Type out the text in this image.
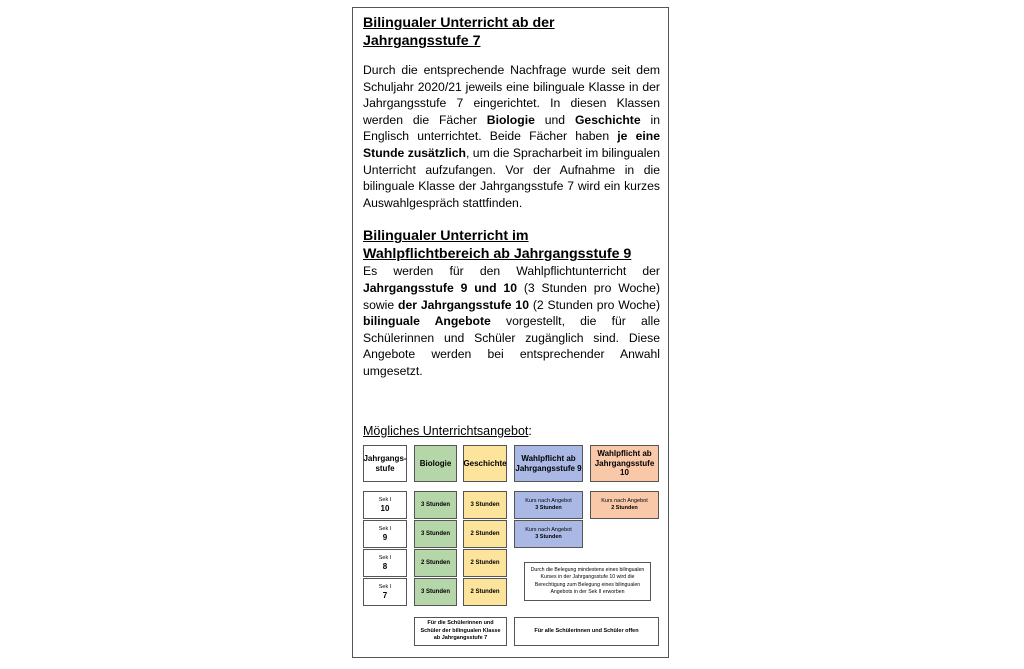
Bilingualer Unterricht ab der
Jahrgangsstufe 7

Durch die entsprechende Nachfrage wurde seit dem Schuljahr 2020/21 jeweils eine bilinguale Klasse in der Jahrgangsstufe 7 eingerichtet. In diesen Klassen werden die Fächer Biologie und Geschichte in Englisch unterrichtet. Beide Fächer haben je eine Stunde zusätzlich, um die Spracharbeit im bilingualen Unterricht aufzufangen. Vor der Aufnahme in die bilinguale Klasse der Jahrgangsstufe 7 wird ein kurzes Auswahlgespräch stattfinden.

Bilingualer Unterricht im
Wahlpflichtbereich ab Jahrgangsstufe 9

Es werden für den Wahlpflichtunterricht der Jahrgangsstufe 9 und 10 (3 Stunden pro Woche) sowie der Jahrgangsstufe 10 (2 Stunden pro Woche) bilinguale Angebote vorgestellt, die für alle Schülerinnen und Schüler zugänglich sind. Diese Angebote werden bei entsprechender Anwahl umgesetzt.

Mögliches Unterrichtsangebot:
Jahrgangs-
stufe
Biologie Geschichte
Wahlpflicht ab
Jahrgangsstufe 9
Wahlpflicht ab
Jahrgangsstufe 10
Sek I
10
Sek I
9
Sek I
8
Sek I
7
3 Stunden
3 Stunden
2 Stunden
3 Stunden
3 Stunden
2 Stunden
2 Stunden
2 Stunden
Kurs nach Angebot
3 Stunden
Kurs nach Angebot
3 Stunden
Kurs nach Angebot
2 Stunden
Durch die Belegung mindestens eines bilingualen Kurses in der Jahrgangsstufe 10 wird die Berechtigung zum Belegung eines bilingualen Angebots in der Sek II erworben
Für die Schülerinnen und Schüler der bilingualen Klasse ab Jahrgangsstufe 7
Für alle Schülerinnen und Schüler offen
